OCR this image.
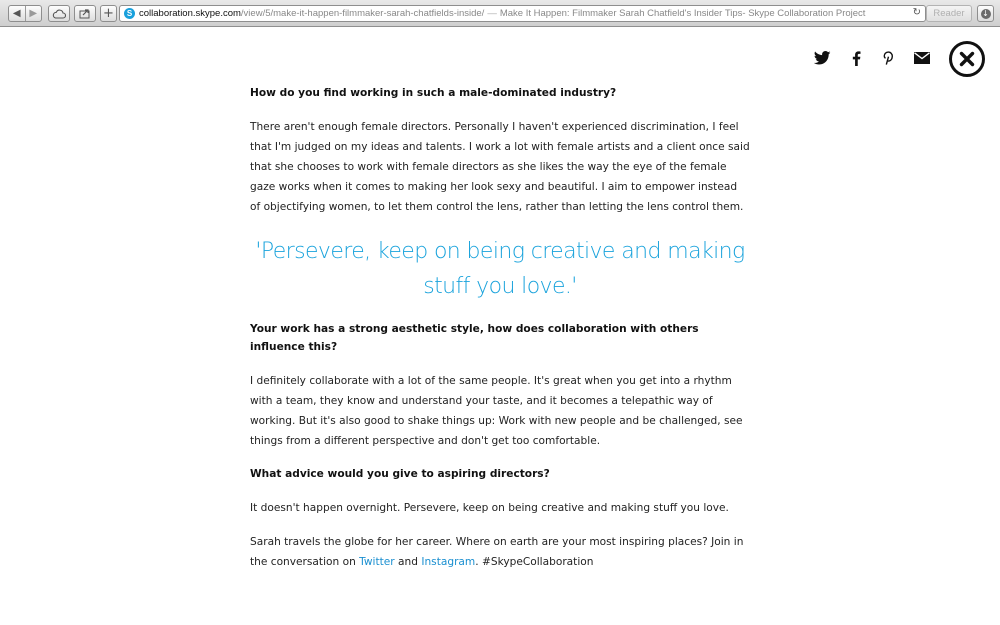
◀ ▶	+	S collaboration.skype.com /view/5/make-it-happen-filmmaker-sarah-chatfields-inside/ — Make It Happen: Filmmaker Sarah Chatfield's Insider Tips- Skype Collaboration Project	↻	Reader	↓

How do you find working in such a male-dominated industry?

There aren't enough female directors. Personally I haven't experienced discrimination, I feel that I'm judged on my ideas and talents. I work a lot with female artists and a client once said that she chooses to work with female directors as she likes the way the eye of the female gaze works when it comes to making her look sexy and beautiful. I aim to empower instead of objectifying women, to let them control the lens, rather than letting the lens control them.

'Persevere, keep on being creative and making stuff you love.'

Your work has a strong aesthetic style, how does collaboration with others influence this?

I definitely collaborate with a lot of the same people. It's great when you get into a rhythm with a team, they know and understand your taste, and it becomes a telepathic way of working. But it's also good to shake things up: Work with new people and be challenged, see things from a different perspective and don't get too comfortable.

What advice would you give to aspiring directors?

It doesn't happen overnight. Persevere, keep on being creative and making stuff you love.

Sarah travels the globe for her career. Where on earth are your most inspiring places? Join in the conversation on Twitter and Instagram. #SkypeCollaboration
